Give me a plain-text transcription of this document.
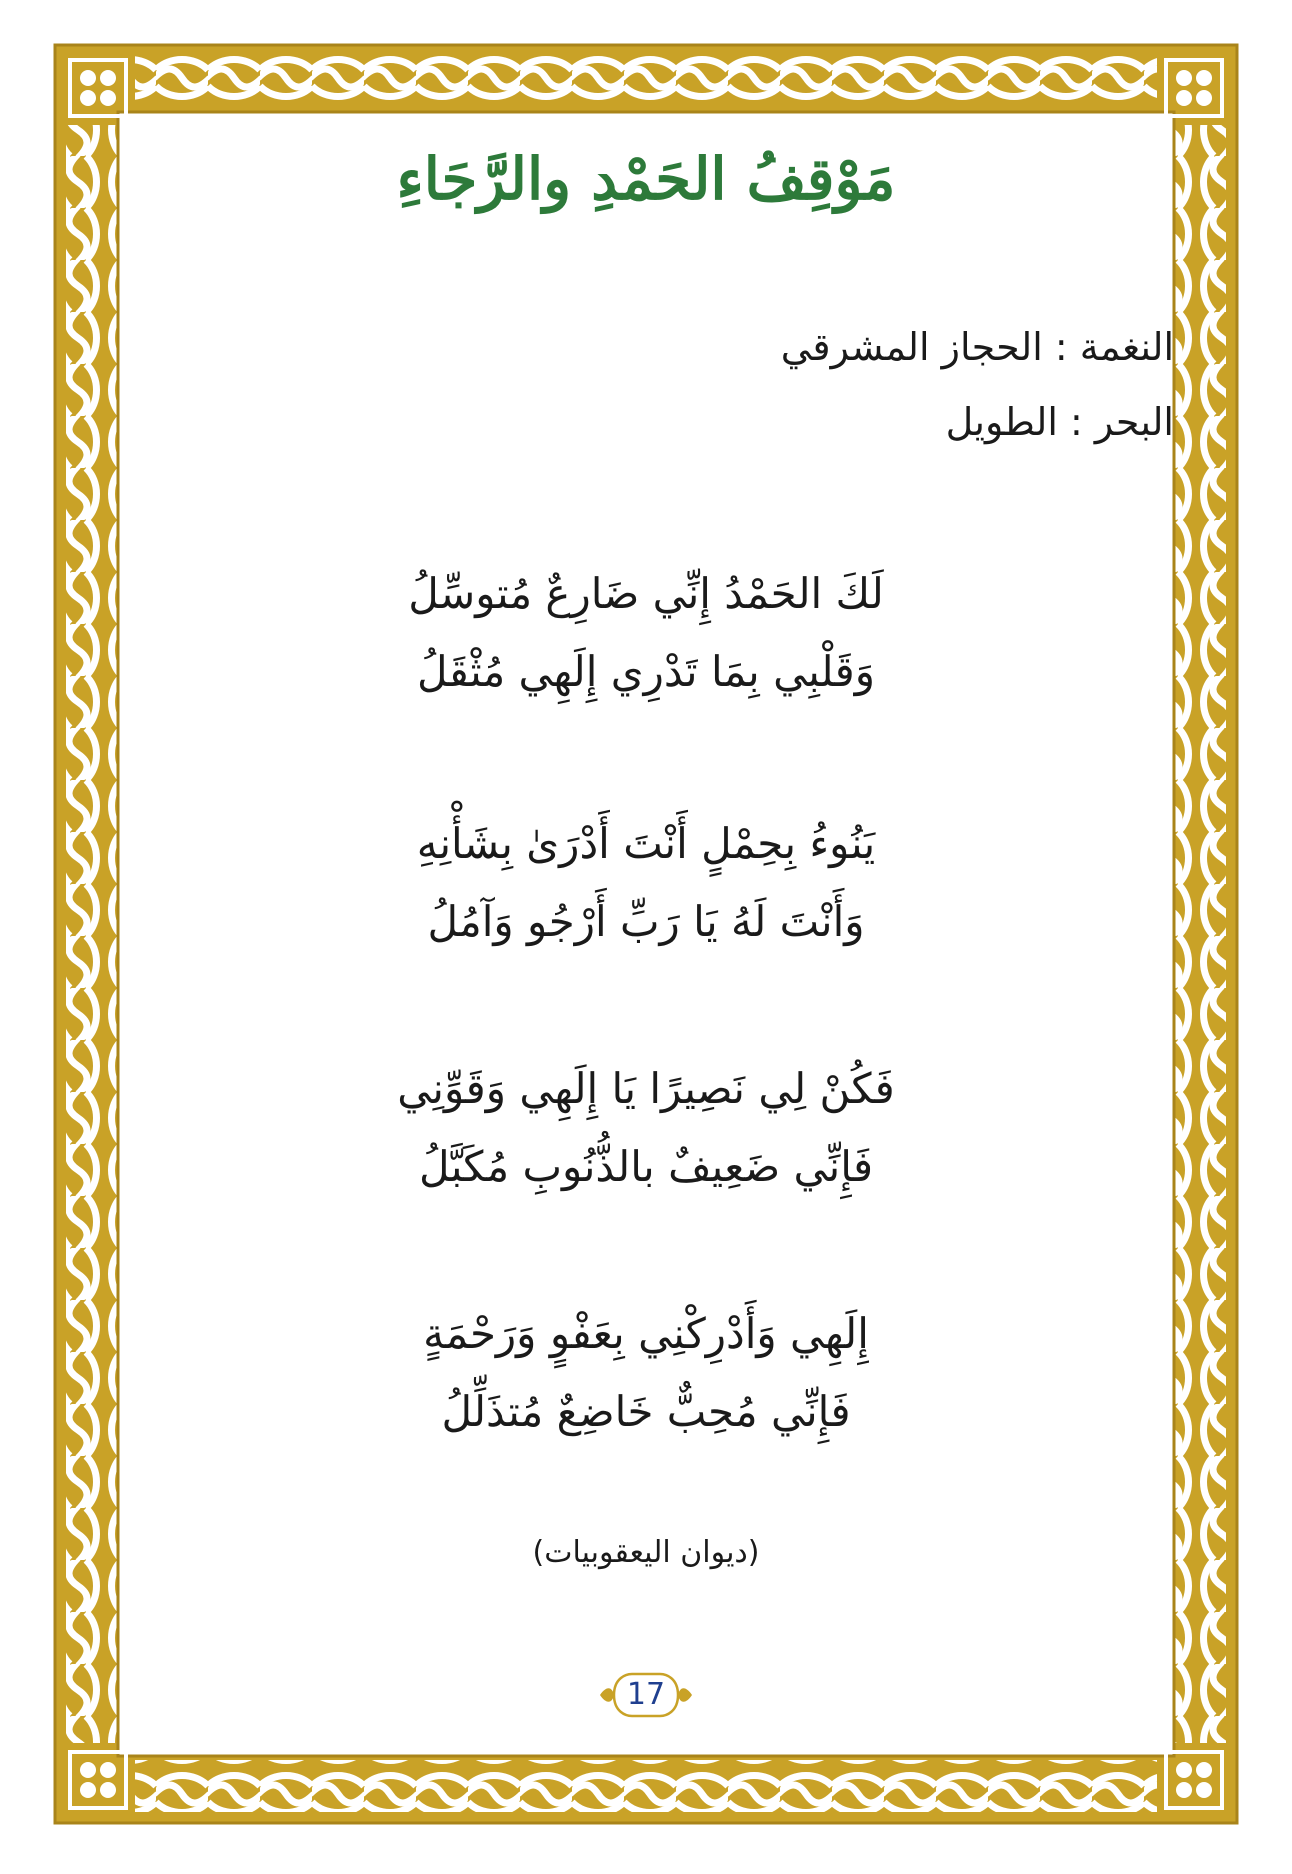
مَوْقِفُ الحَمْدِ والرَّجَاءِ
النغمة : الحجاز المشرقي
البحر : الطويل
لَكَ الحَمْدُ إِنِّي ضَارِعٌ مُتوسِّلُ
وَقَلْبِي بِمَا تَدْرِي إِلَهِي مُثْقَلُ
يَنُوءُ بِحِمْلٍ أَنْتَ أَدْرَىٰ بِشَأْنِهِ
وَأَنْتَ لَهُ يَا رَبِّ أَرْجُو وَآمُلُ
فَكُنْ لِي نَصِيرًا يَا إِلَهِي وَقَوِّنِي
فَإِنِّي ضَعِيفٌ بالذُّنُوبِ مُكَبَّلُ
إِلَهِي وَأَدْرِكْنِي بِعَفْوٍ وَرَحْمَةٍ
فَإِنِّي مُحِبٌّ خَاضِعٌ مُتذَلِّلُ
(ديوان اليعقوبيات)
17
